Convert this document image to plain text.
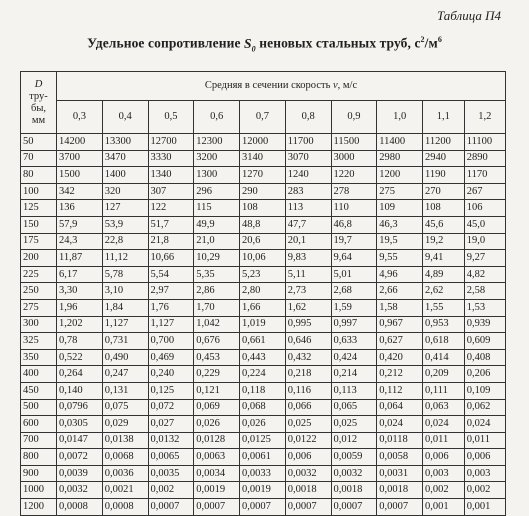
Таблица П4
Удельное сопротивление $S_0$ неновых стальных труб, $с^2/м^6$
D
тру-
бы,
мм	Средняя в сечении скорость v, м/с									
	0,3	0,4	0,5	0,6	0,7	0,8	0,9	1,0	1,1	1,2
50	14200	13300	12700	12300	12000	11700	11500	11400	11200	11100
70	3700	3470	3330	3200	3140	3070	3000	2980	2940	2890
80	1500	1400	1340	1300	1270	1240	1220	1200	1190	1170
100	342	320	307	296	290	283	278	275	270	267
125	136	127	122	115	108	113	110	109	108	106
150	57,9	53,9	51,7	49,9	48,8	47,7	46,8	46,3	45,6	45,0
175	24,3	22,8	21,8	21,0	20,6	20,1	19,7	19,5	19,2	19,0
200	11,87	11,12	10,66	10,29	10,06	9,83	9,64	9,55	9,41	9,27
225	6,17	5,78	5,54	5,35	5,23	5,11	5,01	4,96	4,89	4,82
250	3,30	3,10	2,97	2,86	2,80	2,73	2,68	2,66	2,62	2,58
275	1,96	1,84	1,76	1,70	1,66	1,62	1,59	1,58	1,55	1,53
300	1,202	1,127	1,127	1,042	1,019	0,995	0,997	0,967	0,953	0,939
325	0,78	0,731	0,700	0,676	0,661	0,646	0,633	0,627	0,618	0,609
350	0,522	0,490	0,469	0,453	0,443	0,432	0,424	0,420	0,414	0,408
400	0,264	0,247	0,240	0,229	0,224	0,218	0,214	0,212	0,209	0,206
450	0,140	0,131	0,125	0,121	0,118	0,116	0,113	0,112	0,111	0,109
500	0,0796	0,075	0,072	0,069	0,068	0,066	0,065	0,064	0,063	0,062
600	0,0305	0,029	0,027	0,026	0,026	0,025	0,025	0,024	0,024	0,024
700	0,0147	0,0138	0,0132	0,0128	0,0125	0,0122	0,012	0,0118	0,011	0,011
800	0,0072	0,0068	0,0065	0,0063	0,0061	0,006	0,0059	0,0058	0,006	0,006
900	0,0039	0,0036	0,0035	0,0034	0,0033	0,0032	0,0032	0,0031	0,003	0,003
1000	0,0032	0,0021	0,002	0,0019	0,0019	0,0018	0,0018	0,0018	0,002	0,002
1200	0,0008	0,0008	0,0007	0,0007	0,0007	0,0007	0,0007	0,0007	0,001	0,001
